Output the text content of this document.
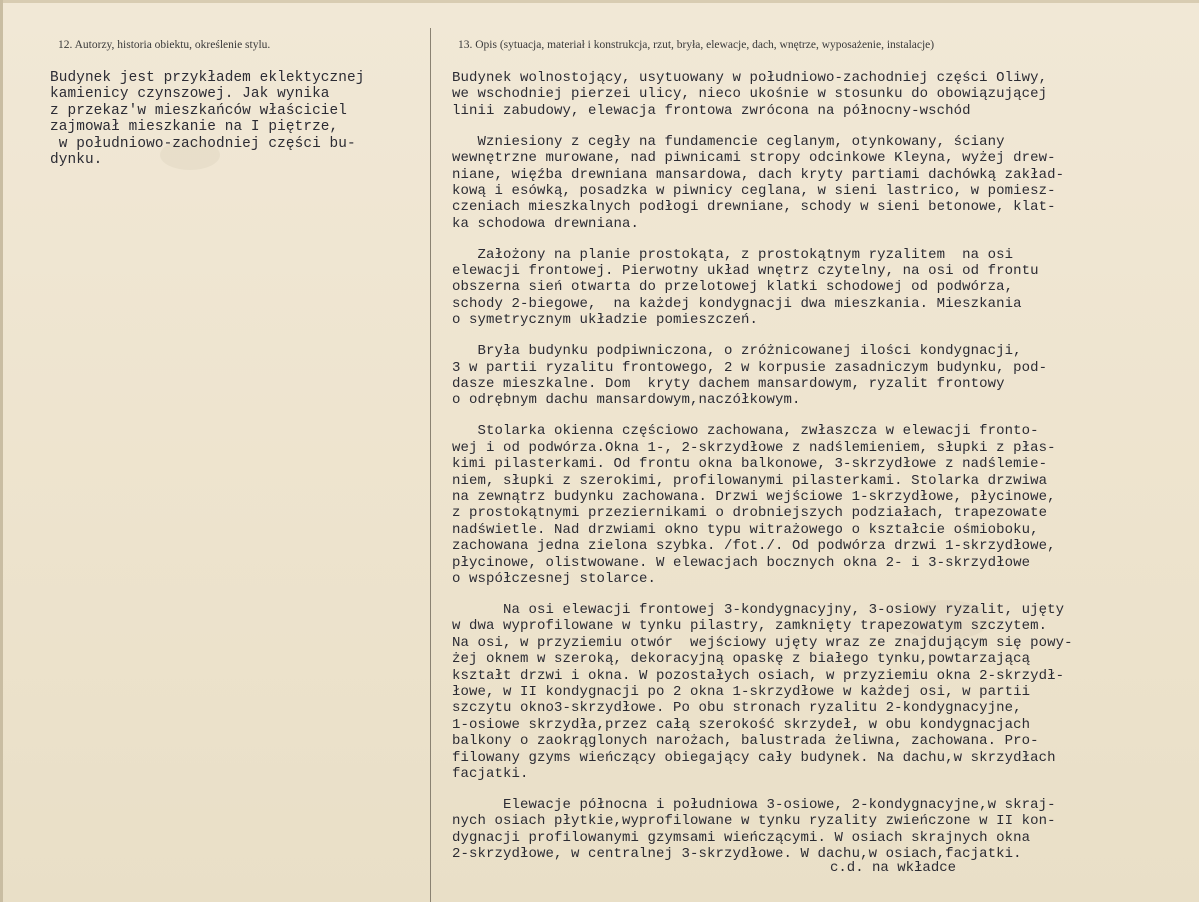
12. Autorzy, historia obiektu, określenie stylu.	13. Opis (sytuacja, materiał i konstrukcja, rzut, bryła, elewacje, dach, wnętrze, wyposażenie, instalacje)

Budynek jest przykładem eklektycznej
kamienicy czynszowej. Jak wynika
z przekaz'w mieszkańców właściciel
zajmował mieszkanie na I piętrze,
w południowo-zachodniej części bu-
dynku.

Budynek wolnostojący, usytuowany w południowo-zachodniej części Oliwy,
we wschodniej pierzei ulicy, nieco ukośnie w stosunku do obowiązującej
linii zabudowy, elewacja frontowa zwrócona na północny-wschód

Wzniesiony z cegły na fundamencie ceglanym, otynkowany, ściany
wewnętrzne murowane, nad piwnicami stropy odcinkowe Kleyna, wyżej drew-
niane, więźba drewniana mansardowa, dach kryty partiami dachówką zakład-
kową i esówką, posadzka w piwnicy ceglana, w sieni lastrico, w pomiesz-
czeniach mieszkalnych podłogi drewniane, schody w sieni betonowe, klat-
ka schodowa drewniana.

Założony na planie prostokąta, z prostokątnym ryzalitem  na osi
elewacji frontowej. Pierwotny układ wnętrz czytelny, na osi od frontu
obszerna sień otwarta do przelotowej klatki schodowej od podwórza,
schody 2-biegowe,  na każdej kondygnacji dwa mieszkania. Mieszkania
o symetrycznym układzie pomieszczeń.

Bryła budynku podpiwniczona, o zróżnicowanej ilości kondygnacji,
3 w partii ryzalitu frontowego, 2 w korpusie zasadniczym budynku, pod-
dasze mieszkalne. Dom  kryty dachem mansardowym, ryzalit frontowy
o odrębnym dachu mansardowym,naczółkowym.

Stolarka okienna częściowo zachowana, zwłaszcza w elewacji fronto-
wej i od podwórza.Okna 1-, 2-skrzydłowe z nadślemieniem, słupki z płas-
kimi pilasterkami. Od frontu okna balkonowe, 3-skrzydłowe z nadślemie-
niem, słupki z szerokimi, profilowanymi pilasterkami. Stolarka drzwiwa
na zewnątrz budynku zachowana. Drzwi wejściowe 1-skrzydłowe, płycinowe,
z prostokątnymi przeziernikami o drobniejszych podziałach, trapezowate
nadświetle. Nad drzwiami okno typu witrażowego o kształcie ośmioboku,
zachowana jedna zielona szybka. /fot./. Od podwórza drzwi 1-skrzydłowe,
płycinowe, olistwowane. W elewacjach bocznych okna 2- i 3-skrzydłowe
o współczesnej stolarce.

Na osi elewacji frontowej 3-kondygnacyjny, 3-osiowy ryzalit, ujęty
w dwa wyprofilowane w tynku pilastry, zamknięty trapezowatym szczytem.
Na osi, w przyziemiu otwór  wejściowy ujęty wraz ze znajdującym się powy-
żej oknem w szeroką, dekoracyjną opaskę z białego tynku,powtarzającą
kształt drzwi i okna. W pozostałych osiach, w przyziemiu okna 2-skrzydł-
łowe, w II kondygnacji po 2 okna 1-skrzydłowe w każdej osi, w partii
szczytu okno3-skrzydłowe. Po obu stronach ryzalitu 2-kondygnacyjne,
1-osiowe skrzydła,przez całą szerokość skrzydeł, w obu kondygnacjach
balkony o zaokrąglonych narożach, balustrada żeliwna, zachowana. Pro-
filowany gzyms wieńczący obiegający cały budynek. Na dachu,w skrzydłach
facjatki.

Elewacje północna i południowa 3-osiowe, 2-kondygnacyjne,w skraj-
nych osiach płytkie,wyprofilowane w tynku ryzality zwieńczone w II kon-
dygnacji profilowanymi gzymsami wieńczącymi. W osiach skrajnych okna
2-skrzydłowe, w centralnej 3-skrzydłowe. W dachu,w osiach,facjatki.

c.d. na wkładce
